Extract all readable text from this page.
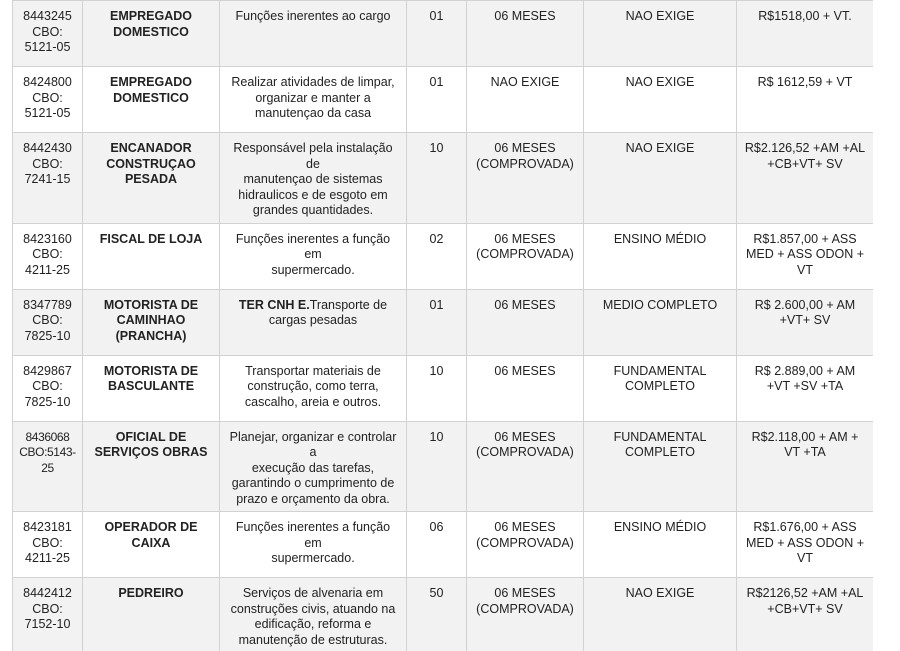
8443245
CBO:
5121-05	EMPREGADO
DOMESTICO	Funções inerentes ao cargo	01	06 MESES	NAO EXIGE	R$1518,00 + VT.
8424800
CBO:
5121-05	EMPREGADO
DOMESTICO	Realizar atividades de limpar,
organizar e manter a
manutençao da casa	01	NAO EXIGE	NAO EXIGE	R$ 1612,59 + VT
8442430
CBO:
7241-15	ENCANADOR
CONSTRUÇAO
PESADA	Responsável pela instalação de
manutençao de sistemas
hidraulicos e de esgoto em
grandes quantidades.	10	06 MESES
(COMPROVADA)	NAO EXIGE	R$2.126,52 +AM +AL
+CB+VT+ SV
8423160
CBO:
4211-25	FISCAL DE LOJA	Funções inerentes a função em
supermercado.	02	06 MESES
(COMPROVADA)	ENSINO MÉDIO	R$1.857,00 + ASS
MED + ASS ODON +
VT
8347789
CBO:
7825-10	MOTORISTA DE
CAMINHAO
(PRANCHA)	TER CNH E.Transporte de
cargas pesadas	01	06 MESES	MEDIO COMPLETO	R$ 2.600,00 + AM
+VT+ SV
8429867
CBO:
7825-10	MOTORISTA DE
BASCULANTE	Transportar materiais de
construção, como terra,
cascalho, areia e outros.	10	06 MESES	FUNDAMENTAL
COMPLETO	R$ 2.889,00 + AM
+VT +SV +TA
8436068
CBO:5143-
25	OFICIAL DE
SERVIÇOS OBRAS	Planejar, organizar e controlar a
execução das tarefas,
garantindo o cumprimento de
prazo e orçamento da obra.	10	06 MESES
(COMPROVADA)	FUNDAMENTAL
COMPLETO	R$2.118,00 + AM +
VT +TA
8423181
CBO:
4211-25	OPERADOR DE
CAIXA	Funções inerentes a função em
supermercado.	06	06 MESES
(COMPROVADA)	ENSINO MÉDIO	R$1.676,00 + ASS
MED + ASS ODON +
VT
8442412
CBO:
7152-10	PEDREIRO	Serviços de alvenaria em
construções civis, atuando na
edificação, reforma e
manutenção de estruturas.	50	06 MESES
(COMPROVADA)	NAO EXIGE	R$2126,52 +AM +AL
+CB+VT+ SV
